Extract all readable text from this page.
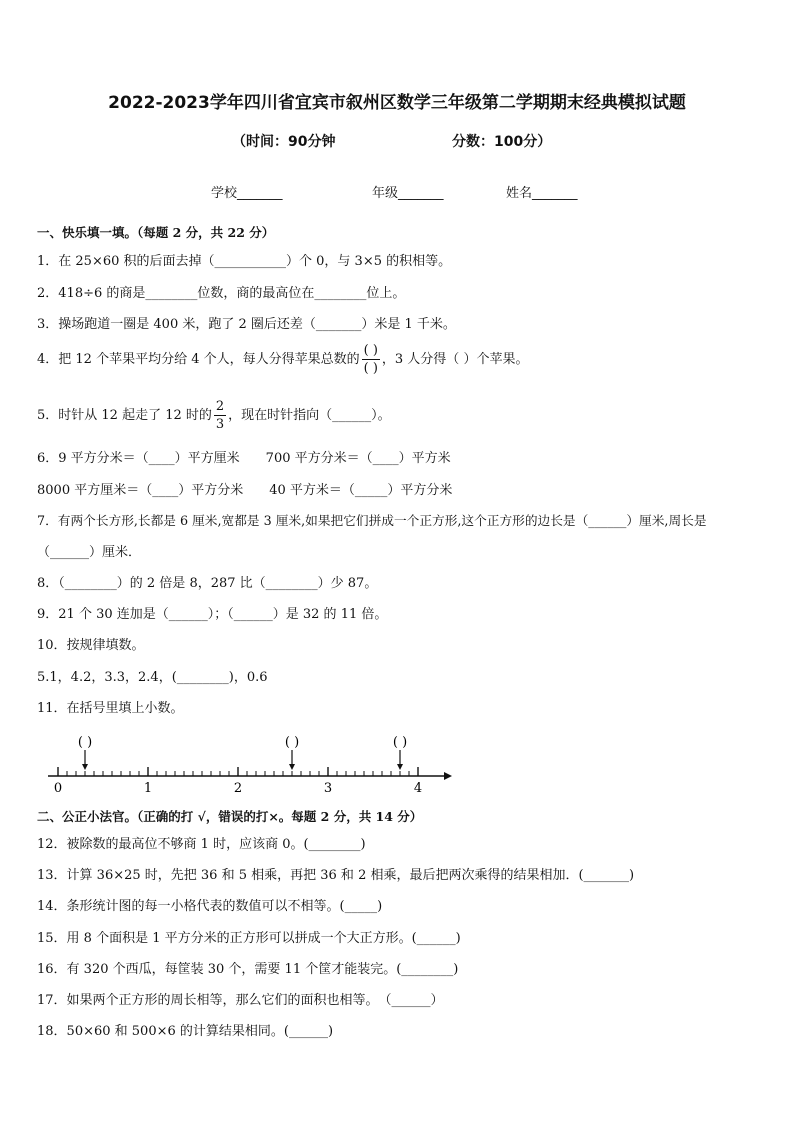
2022-2023学年四川省宜宾市叙州区数学三年级第二学期期末经典模拟试题
（时间：90分钟	分数：100分）
学校_______	年级_______	姓名_______
一、快乐填一填。（每题 2 分，共 22 分）
1．在 25×60 积的后面去掉（___________）个 0，与 3×5 的积相等。
2．418÷6 的商是________位数，商的最高位在________位上。
3．操场跑道一圈是 400 米，跑了 2 圈后还差（_______）米是 1 千米。
4．把 12 个苹果平均分给 4 个人，每人分得苹果总数的 $\frac{( )}{( )}$ ，3 人分得（ ）个苹果。
5．时针从 12 起走了 12 时的 $\frac{2}{3}$ ，现在时针指向（______）。
6．9 平方分米＝（____）平方厘米　　700 平方分米＝（____）平方米
8000 平方厘米＝（____）平方分米　　40 平方米＝（_____）平方分米
7．有两个长方形,长都是 6 厘米,宽都是 3 厘米,如果把它们拼成一个正方形,这个正方形的边长是（______）厘米,周长是
（______）厘米．
8．（________）的 2 倍是 8，287 比（________）少 87。
9．21 个 30 连加是（______）；（______）是 32 的 11 倍。
10．按规律填数。
5.1，4.2，3.3，2.4，(________)，0.6
11．在括号里填上小数。
( )	( )	( )
0	1	2	3	4
二、公正小法官。（正确的打 √，错误的打×。每题 2 分，共 14 分）
12．被除数的最高位不够商 1 时，应该商 0。(________)
13．计算 36×25 时，先把 36 和 5 相乘，再把 36 和 2 相乘，最后把两次乘得的结果相加．(_______)
14．条形统计图的每一小格代表的数值可以不相等。(_____)
15．用 8 个面积是 1 平方分米的正方形可以拼成一个大正方形。(______)
16．有 320 个西瓜，每筐装 30 个，需要 11 个筐才能装完。(________)
17．如果两个正方形的周长相等，那么它们的面积也相等。　（______）
18．50×60 和 500×6 的计算结果相同。(______)
